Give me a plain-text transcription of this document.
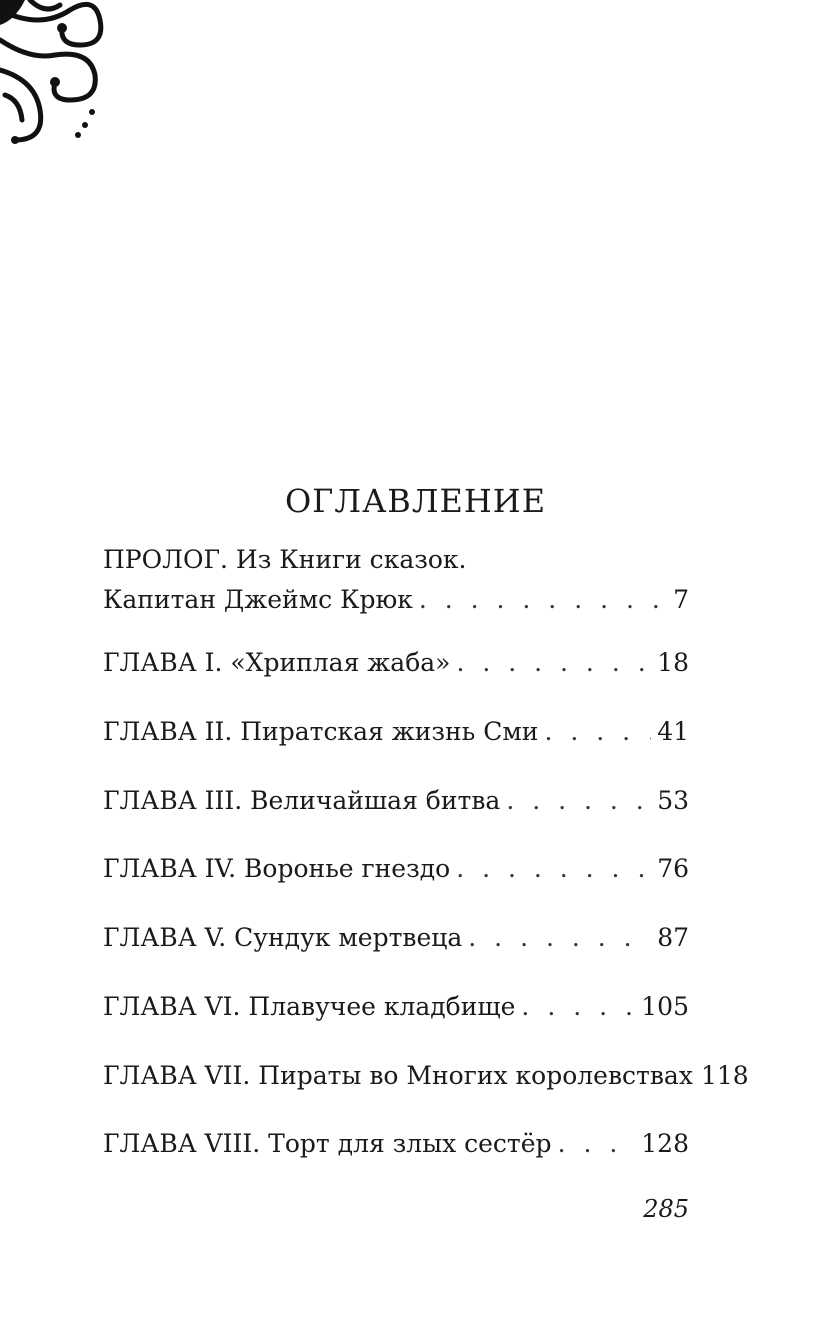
ОГЛАВЛЕНИЕ
ПРОЛОГ. Из Книги сказок.
Капитан Джеймс Крюк . . .	7
ГЛАВА I. «Хриплая жаба» . . .	18
ГЛАВА II. Пиратская жизнь Сми . . .	41
ГЛАВА III. Величайшая битва . . .	53
ГЛАВА IV. Воронье гнездо . . .	76
ГЛАВА V. Сундук мертвеца . . .	87
ГЛАВА VI. Плавучее кладбище . . .	105
ГЛАВА VII. Пираты во Многих королевствах 118
ГЛАВА VIII. Торт для злых сестёр . . .	128
285
